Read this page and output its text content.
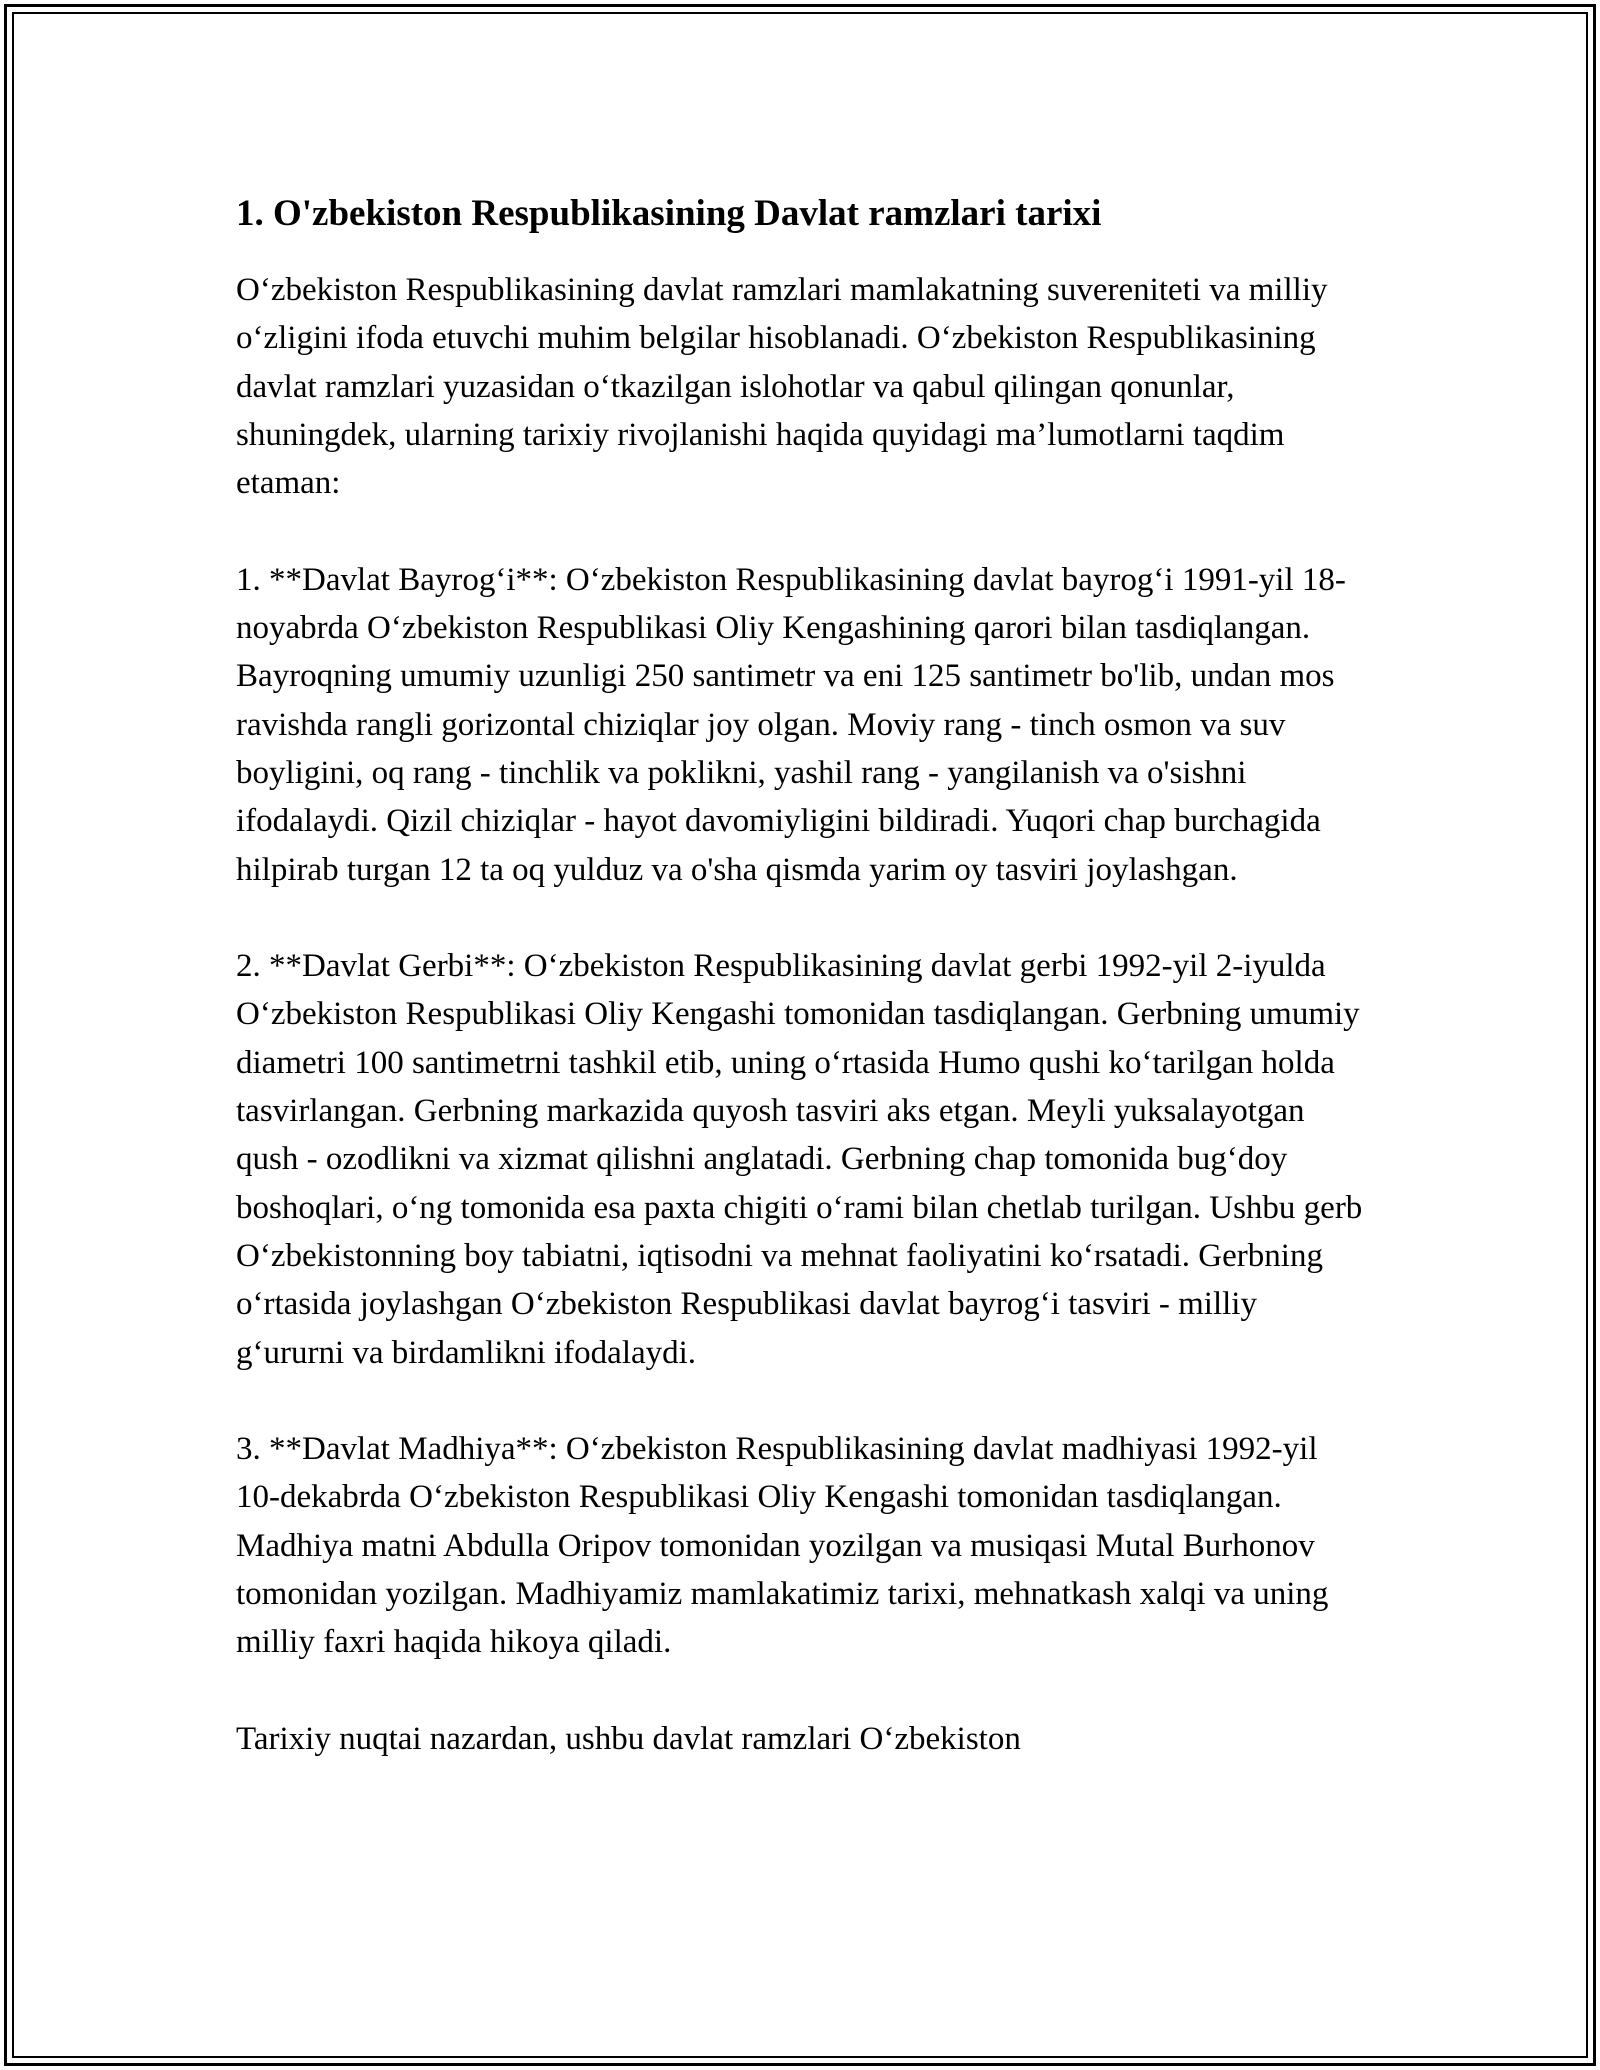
1. O'zbekiston Respublikasining Davlat ramzlari tarixi

O‘zbekiston Respublikasining davlat ramzlari mamlakatning suvereniteti va milliy o‘zligini ifoda etuvchi muhim belgilar hisoblanadi. O‘zbekiston Respublikasining davlat ramzlari yuzasidan o‘tkazilgan islohotlar va qabul qilingan qonunlar, shuningdek, ularning tarixiy rivojlanishi haqida quyidagi ma’lumotlarni taqdim etaman:

1. **Davlat Bayrog‘i**: O‘zbekiston Respublikasining davlat bayrog‘i 1991-yil 18-noyabrda O‘zbekiston Respublikasi Oliy Kengashining qarori bilan tasdiqlangan. Bayroqning umumiy uzunligi 250 santimetr va eni 125 santimetr bo'lib, undan mos ravishda rangli gorizontal chiziqlar joy olgan. Moviy rang - tinch osmon va suv boyligini, oq rang - tinchlik va poklikni, yashil rang - yangilanish va o'sishni ifodalaydi. Qizil chiziqlar - hayot davomiyligini bildiradi. Yuqori chap burchagida hilpirab turgan 12 ta oq yulduz va o'sha qismda yarim oy tasviri joylashgan.

2. **Davlat Gerbi**: O‘zbekiston Respublikasining davlat gerbi 1992-yil 2-iyulda O‘zbekiston Respublikasi Oliy Kengashi tomonidan tasdiqlangan. Gerbning umumiy diametri 100 santimetrni tashkil etib, uning o‘rtasida Humo qushi ko‘tarilgan holda tasvirlangan. Gerbning markazida quyosh tasviri aks etgan. Meyli yuksalayotgan qush - ozodlikni va xizmat qilishni anglatadi. Gerbning chap tomonida bug‘doy boshoqlari, o‘ng tomonida esa paxta chigiti o‘rami bilan chetlab turilgan. Ushbu gerb O‘zbekistonning boy tabiatni, iqtisodni va mehnat faoliyatini ko‘rsatadi. Gerbning o‘rtasida joylashgan O‘zbekiston Respublikasi davlat bayrog‘i tasviri - milliy g‘ururni va birdamlikni ifodalaydi.

3. **Davlat Madhiya**: O‘zbekiston Respublikasining davlat madhiyasi 1992-yil 10-dekabrda O‘zbekiston Respublikasi Oliy Kengashi tomonidan tasdiqlangan. Madhiya matni Abdulla Oripov tomonidan yozilgan va musiqasi Mutal Burhonov tomonidan yozilgan. Madhiyamiz mamlakatimiz tarixi, mehnatkash xalqi va uning milliy faxri haqida hikoya qiladi.

Tarixiy nuqtai nazardan, ushbu davlat ramzlari O‘zbekiston
